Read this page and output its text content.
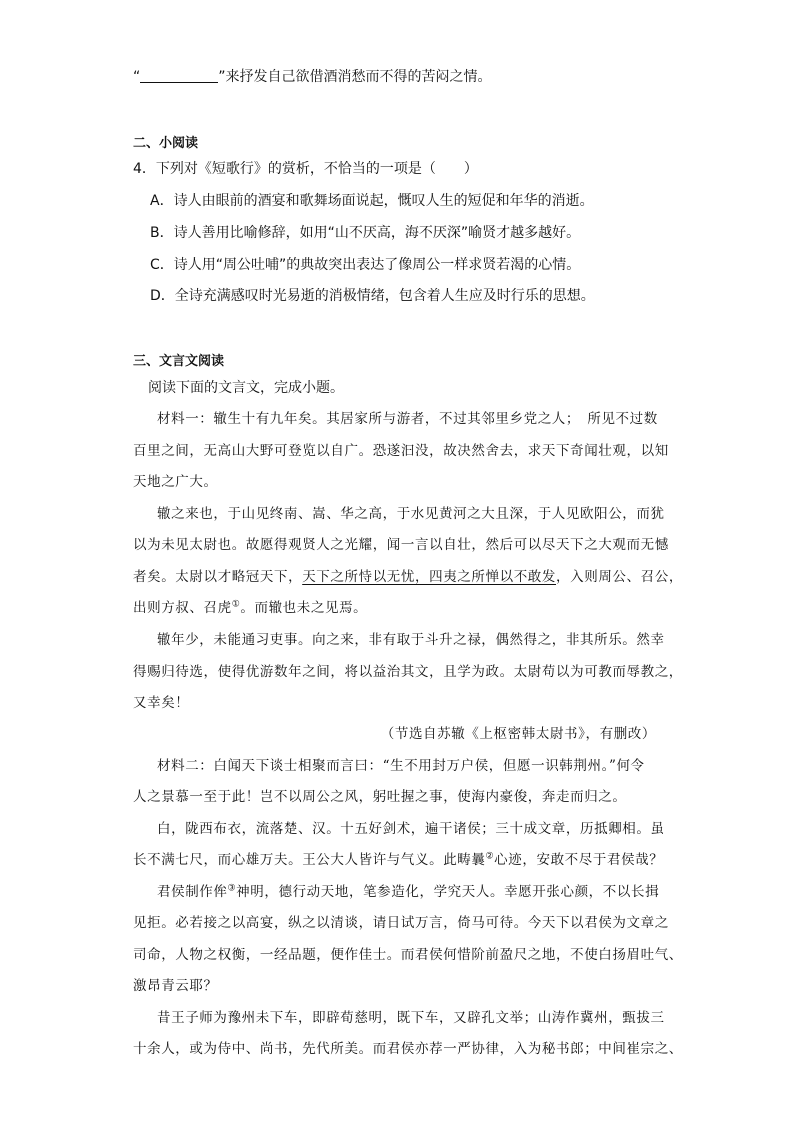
“	”来抒发自己欲借酒消愁而不得的苦闷之情。
二、小阅读
4．下列对《短歌行》的赏析，不恰当的一项是（　　）
A．诗人由眼前的酒宴和歌舞场面说起，慨叹人生的短促和年华的消逝。
B．诗人善用比喻修辞，如用“山不厌高，海不厌深”喻贤才越多越好。
C．诗人用“周公吐哺”的典故突出表达了像周公一样求贤若渴的心情。
D．全诗充满感叹时光易逝的消极情绪，包含着人生应及时行乐的思想。
三、文言文阅读
阅读下面的文言文，完成小题。
材料一：辙生十有九年矣。其居家所与游者，不过其邻里乡党之人；　所见不过数
百里之间，无高山大野可登览以自广。恐遂汩没，故决然舍去，求天下奇闻壮观，以知
天地之广大。
辙之来也，于山见终南、嵩、华之高，于水见黄河之大且深，于人见欧阳公，而犹
以为未见太尉也。故愿得观贤人之光耀，闻一言以自壮，然后可以尽天下之大观而无憾
者矣。太尉以才略冠天下，天下之所恃以无忧，四夷之所惮以不敢发，入则周公、召公，
出则方叔、召虎①。而辙也未之见焉。
辙年少，未能通习吏事。向之来，非有取于斗升之禄，偶然得之，非其所乐。然幸
得赐归待选，使得优游数年之间，将以益治其文，且学为政。太尉苟以为可教而辱教之，
又幸矣！
（节选自苏辙《上枢密韩太尉书》，有删改）
材料二：白闻天下谈士相聚而言曰：“生不用封万户侯，但愿一识韩荆州。”何令
人之景慕一至于此！岂不以周公之风，躬吐握之事，使海内豪俊，奔走而归之。
白，陇西布衣，流落楚、汉。十五好剑术，遍干诸侯；三十成文章，历抵卿相。虽
长不满七尺，而心雄万夫。王公大人皆许与气义。此畴曩②心迹，安敢不尽于君侯哉？
君侯制作侔③神明，德行动天地，笔参造化，学究天人。幸愿开张心颜，不以长揖
见拒。必若接之以高宴，纵之以清谈，请日试万言，倚马可待。今天下以君侯为文章之
司命，人物之权衡，一经品题，便作佳士。而君侯何惜阶前盈尺之地，不使白扬眉吐气、
激昂青云耶？
昔王子师为豫州未下车，即辟荀慈明，既下车，又辟孔文举；山涛作冀州，甄拔三
十余人，或为侍中、尚书，先代所美。而君侯亦荐一严协律，入为秘书郎；中间崔宗之、
